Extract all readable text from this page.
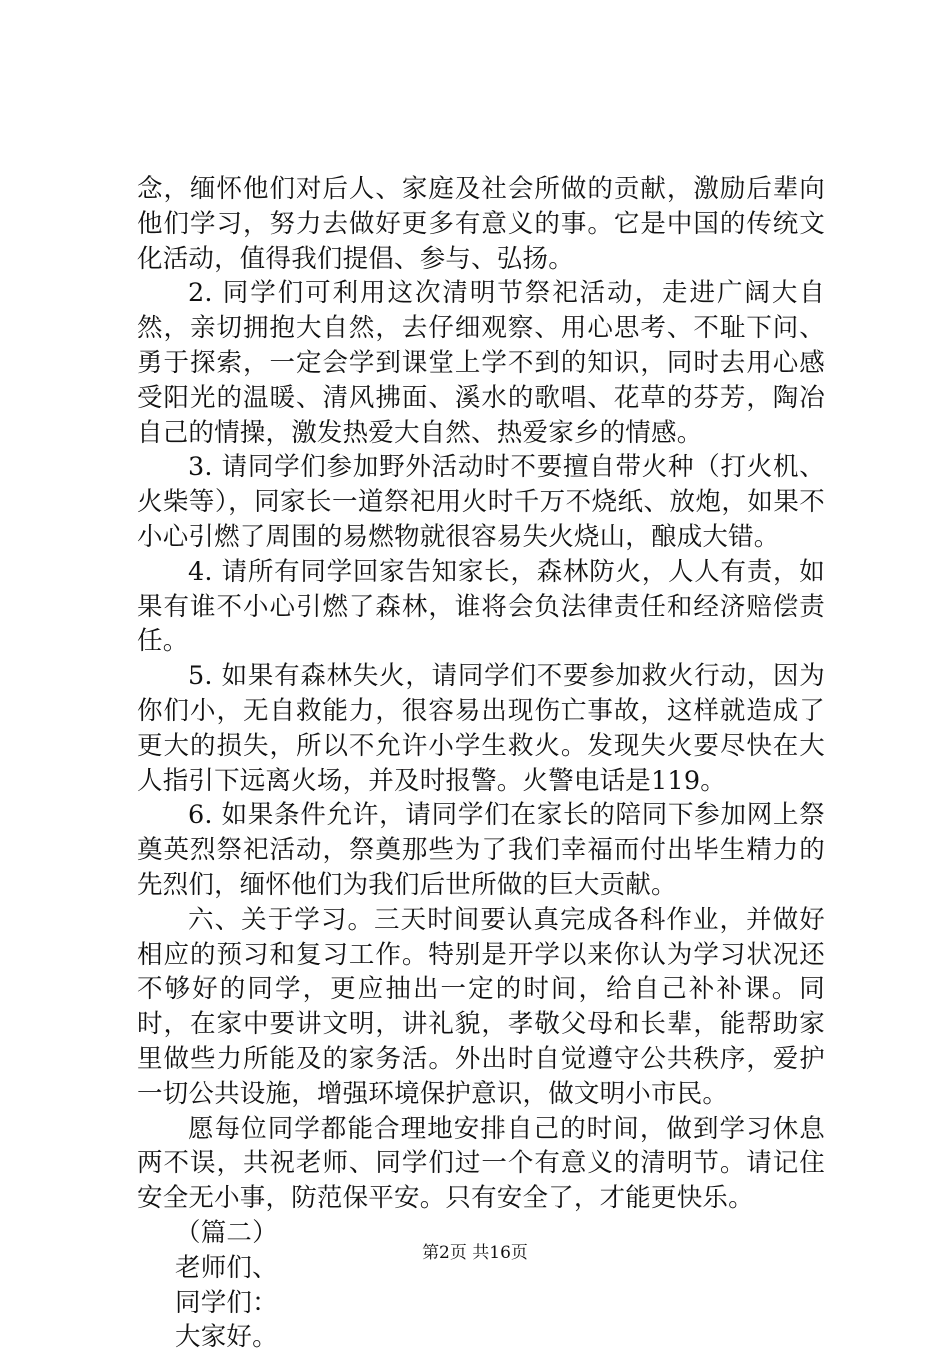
念，缅怀他们对后人、家庭及社会所做的贡献，激励后辈向他们学习，努力去做好更多有意义的事。它是中国的传统文化活动，值得我们提倡、参与、弘扬。

2. 同学们可利用这次清明节祭祀活动，走进广阔大自然，亲切拥抱大自然，去仔细观察、用心思考、不耻下问、勇于探索，一定会学到课堂上学不到的知识，同时去用心感受阳光的温暖、清风拂面、溪水的歌唱、花草的芬芳，陶冶自己的情操，激发热爱大自然、热爱家乡的情感。

3. 请同学们参加野外活动时不要擅自带火种（打火机、火柴等），同家长一道祭祀用火时千万不烧纸、放炮，如果不小心引燃了周围的易燃物就很容易失火烧山，酿成大错。

4. 请所有同学回家告知家长，森林防火，人人有责，如果有谁不小心引燃了森林，谁将会负法律责任和经济赔偿责任。

5. 如果有森林失火，请同学们不要参加救火行动，因为你们小，无自救能力，很容易出现伤亡事故，这样就造成了更大的损失，所以不允许小学生救火。发现失火要尽快在大人指引下远离火场，并及时报警。火警电话是119。

6. 如果条件允许，请同学们在家长的陪同下参加网上祭奠英烈祭祀活动，祭奠那些为了我们幸福而付出毕生精力的先烈们，缅怀他们为我们后世所做的巨大贡献。

六、关于学习。三天时间要认真完成各科作业，并做好相应的预习和复习工作。特别是开学以来你认为学习状况还不够好的同学，更应抽出一定的时间，给自己补补课。同时，在家中要讲文明，讲礼貌，孝敬父母和长辈，能帮助家里做些力所能及的家务活。外出时自觉遵守公共秩序，爱护一切公共设施，增强环境保护意识，做文明小市民。

愿每位同学都能合理地安排自己的时间，做到学习休息两不误，共祝老师、同学们过一个有意义的清明节。请记住安全无小事，防范保平安。只有安全了，才能更快乐。

（篇二）

老师们、

同学们：

大家好。

第2页 共16页
